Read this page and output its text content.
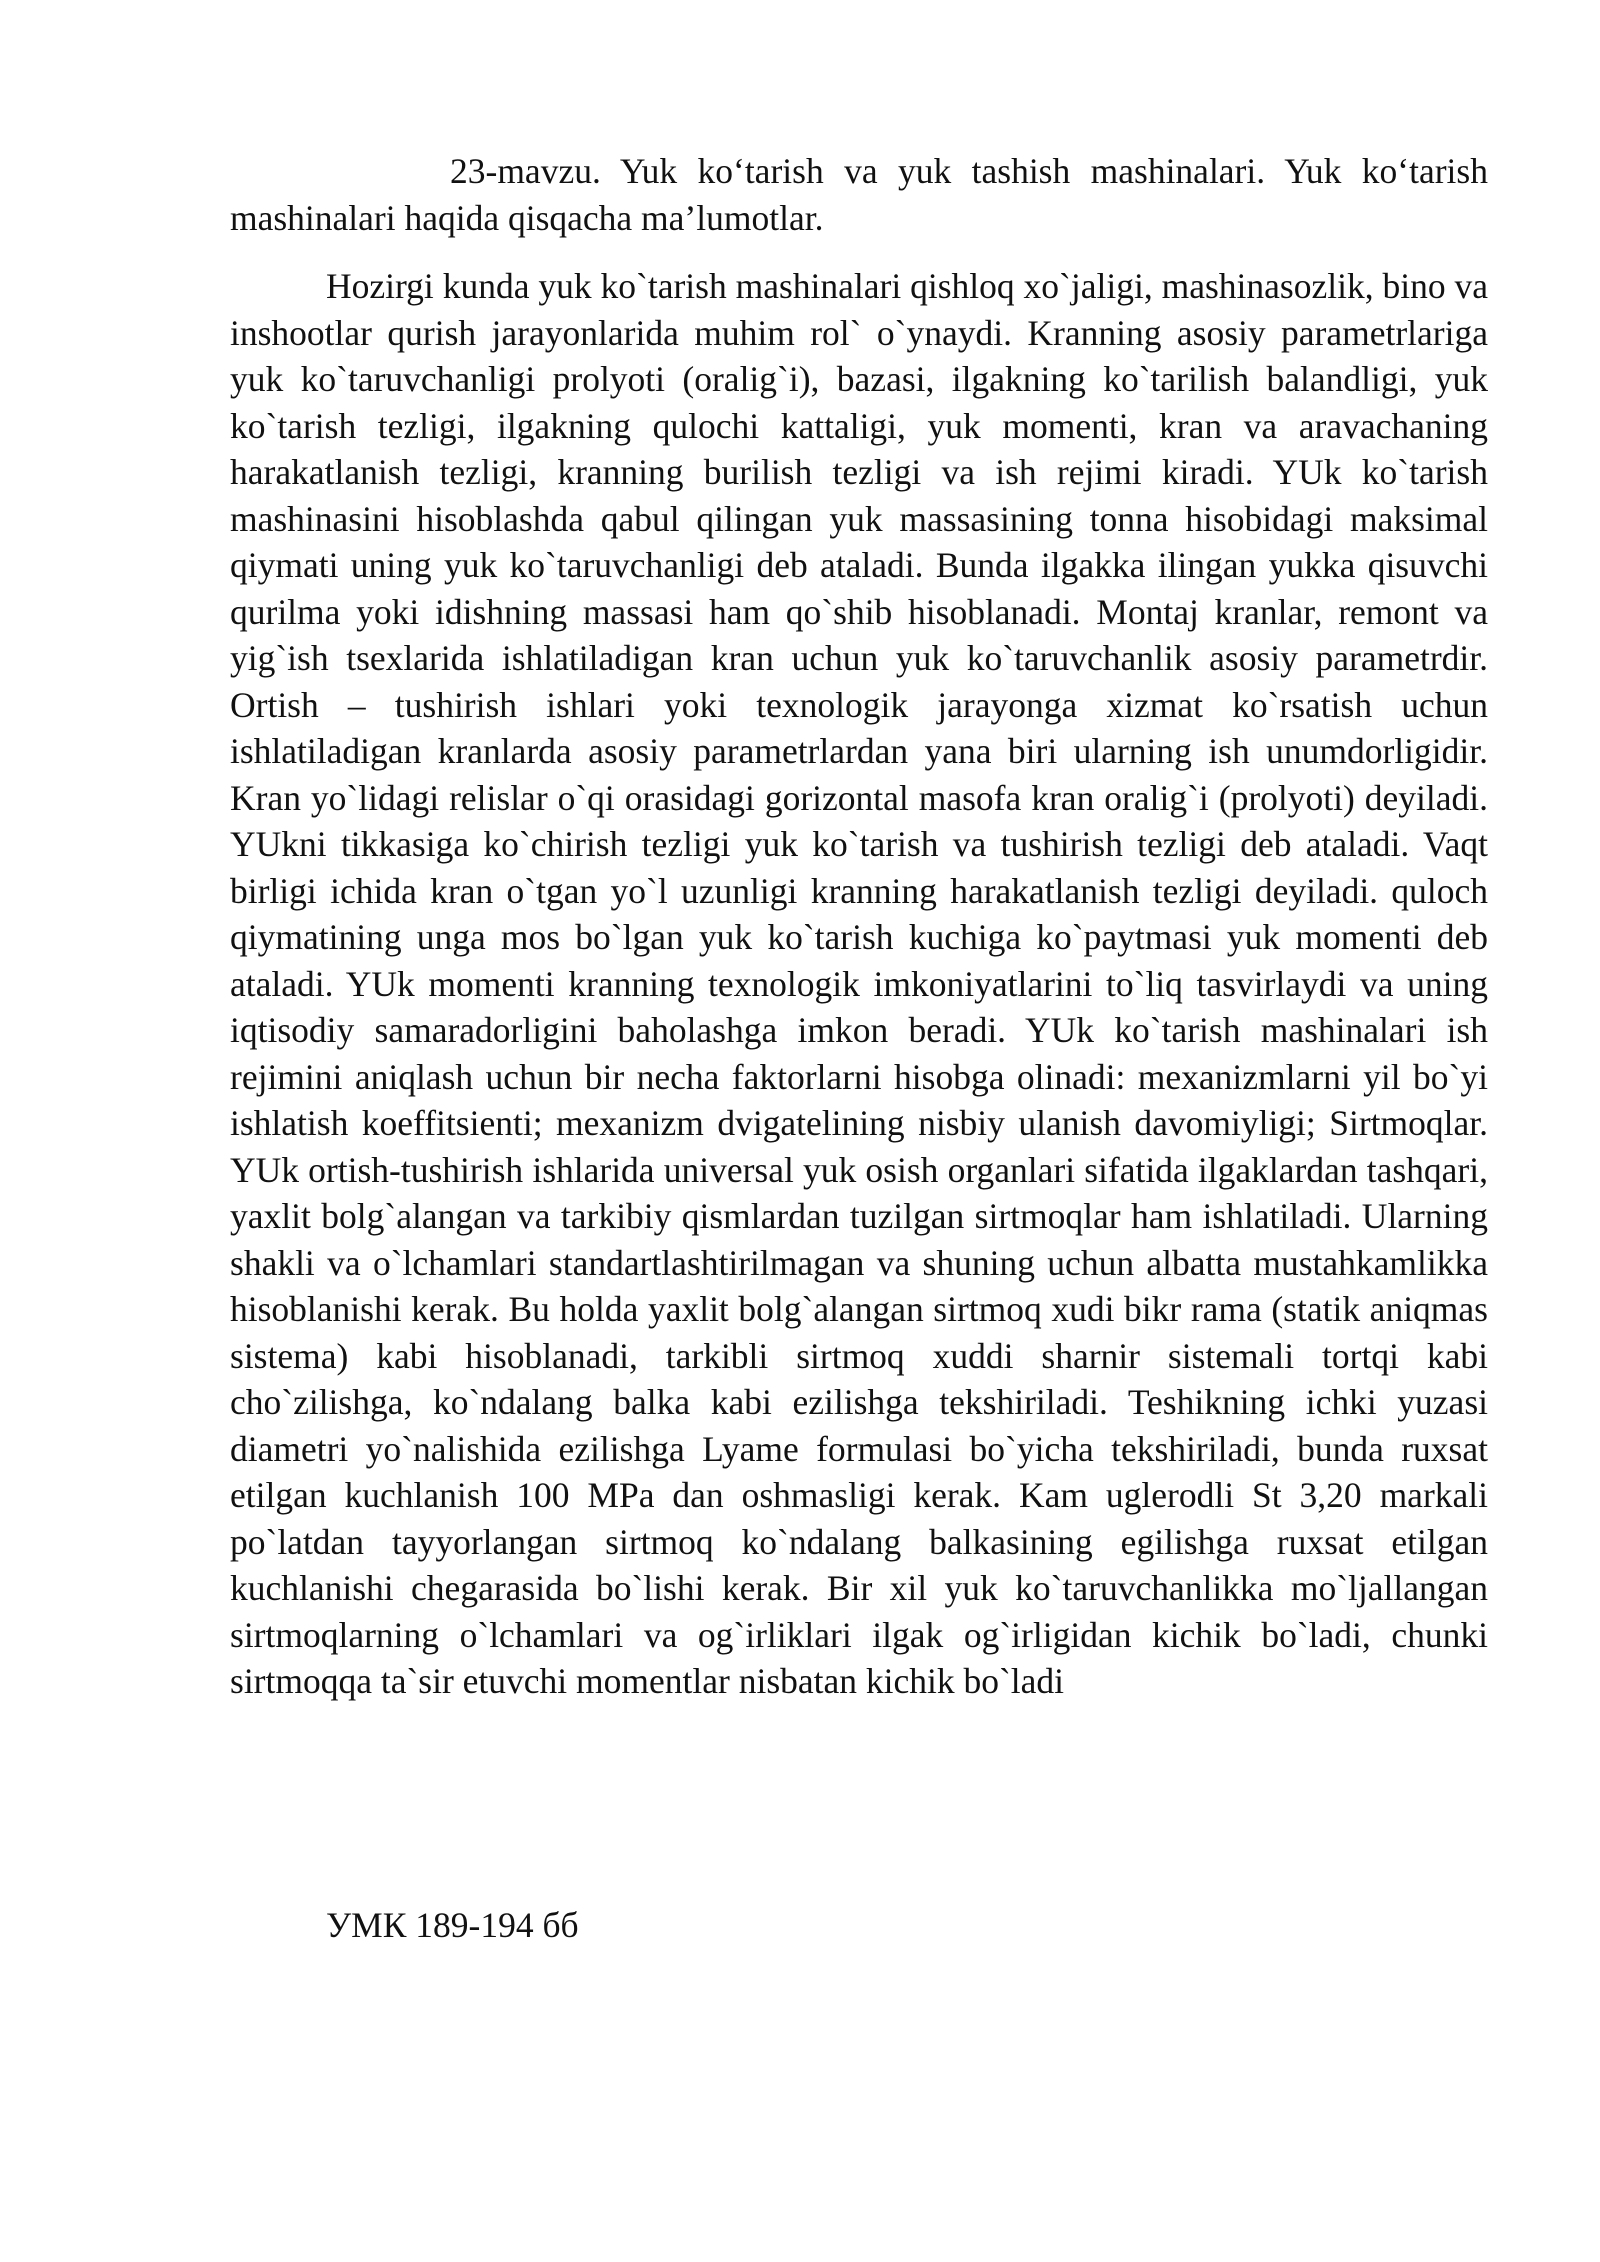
23-mavzu. Yuk ko‘tarish va yuk tashish mashinalari. Yuk ko‘tarish mashinalari haqida qisqacha ma’lumotlar.

Hozirgi kunda yuk ko`tarish mashinalari qishloq xo`jaligi, mashinasozlik, bino va inshootlar qurish jarayonlarida muhim rol` o`ynaydi. Kranning asosiy parametrlariga yuk ko`taruvchanligi prolyoti (oralig`i), bazasi, ilgakning ko`tarilish balandligi, yuk ko`tarish tezligi, ilgakning qulochi kattaligi, yuk momenti, kran va aravachaning harakatlanish tezligi, kranning burilish tezligi va ish rejimi kiradi. YUk ko`tarish mashinasini hisoblashda qabul qilingan yuk massasining tonna hisobidagi maksimal qiymati uning yuk ko`taruvchanligi deb ataladi. Bunda ilgakka ilingan yukka qisuvchi qurilma yoki idishning massasi ham qo`shib hisoblanadi. Montaj kranlar, remont va yig`ish tsexlarida ishlatiladigan kran uchun yuk ko`taruvchanlik asosiy parametrdir. Ortish – tushirish ishlari yoki texnologik jarayonga xizmat ko`rsatish uchun ishlatiladigan kranlarda asosiy parametrlardan yana biri ularning ish unumdorligidir. Kran yo`lidagi relislar o`qi orasidagi gorizontal masofa kran oralig`i (prolyoti) deyiladi. YUkni tikkasiga ko`chirish tezligi yuk ko`tarish va tushirish tezligi deb ataladi. Vaqt birligi ichida kran o`tgan yo`l uzunligi kranning harakatlanish tezligi deyiladi. quloch qiymatining unga mos bo`lgan yuk ko`tarish kuchiga ko`paytmasi yuk momenti deb ataladi. YUk momenti kranning texnologik imkoniyatlarini to`liq tasvirlaydi va uning iqtisodiy samaradorligini baholashga imkon beradi. YUk ko`tarish mashinalari ish rejimini aniqlash uchun bir necha faktorlarni hisobga olinadi: mexanizmlarni yil bo`yi ishlatish koeffitsienti; mexanizm dvigatelining nisbiy ulanish davomiyligi; Sirtmoqlar. YUk ortish-tushirish ishlarida universal yuk osish organlari sifatida ilgaklardan tashqari, yaxlit bolg`alangan va tarkibiy qismlardan tuzilgan sirtmoqlar ham ishlatiladi. Ularning shakli va o`lchamlari standartlashtirilmagan va shuning uchun albatta mustahkamlikka hisoblanishi kerak. Bu holda yaxlit bolg`alangan sirtmoq xudi bikr rama (statik aniqmas sistema) kabi hisoblanadi, tarkibli sirtmoq xuddi sharnir sistemali tortqi kabi cho`zilishga, ko`ndalang balka kabi ezilishga tekshiriladi. Teshikning ichki yuzasi diametri yo`nalishida ezilishga Lyame formulasi bo`yicha tekshiriladi, bunda ruxsat etilgan kuchlanish 100 MPa dan oshmasligi kerak. Kam uglerodli St 3,20 markali po`latdan tayyorlangan sirtmoq ko`ndalang balkasining egilishga ruxsat etilgan kuchlanishi chegarasida bo`lishi kerak. Bir xil yuk ko`taruvchanlikka mo`ljallangan sirtmoqlarning o`lchamlari va og`irliklari ilgak og`irligidan kichik bo`ladi, chunki sirtmoqqa ta`sir etuvchi momentlar nisbatan kichik bo`ladi

УМК 189-194 бб
